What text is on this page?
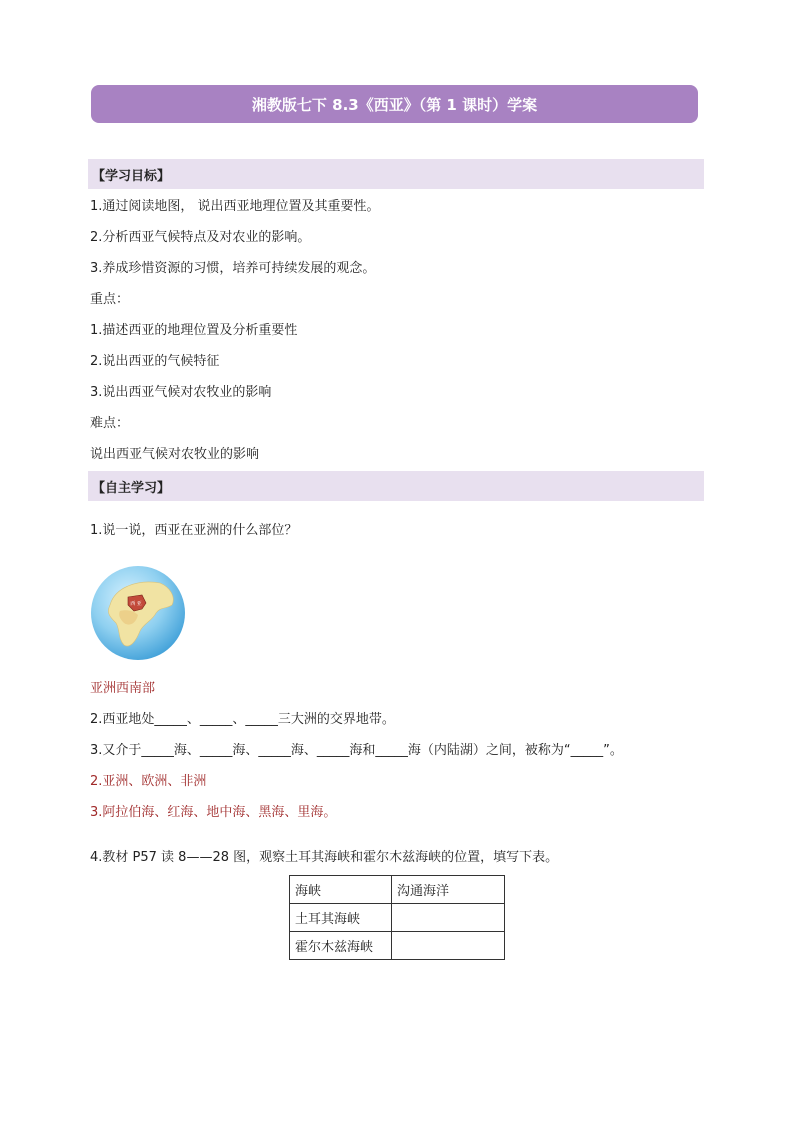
湘教版七下 8.3《西亚》（第 1 课时）学案
【学习目标】
1.通过阅读地图， 说出西亚地理位置及其重要性。
2.分析西亚气候特点及对农业的影响。
3.养成珍惜资源的习惯，培养可持续发展的观念。
重点：
1.描述西亚的地理位置及分析重要性
2.说出西亚的气候特征
3.说出西亚气候对农牧业的影响
难点：
说出西亚气候对农牧业的影响
【自主学习】
1.说一说，西亚在亚洲的什么部位？
西 亚
亚洲西南部
2.西亚地处_____、_____、_____三大洲的交界地带。
3.又介于_____海、_____海、_____海、_____海和_____海（内陆湖）之间，被称为“_____”。
2.亚洲、欧洲、非洲
3.阿拉伯海、红海、地中海、黑海、里海。
4.教材 P57 读 8——28 图，观察土耳其海峡和霍尔木兹海峡的位置，填写下表。
海峡	沟通海洋
土耳其海峡	
霍尔木兹海峡	
